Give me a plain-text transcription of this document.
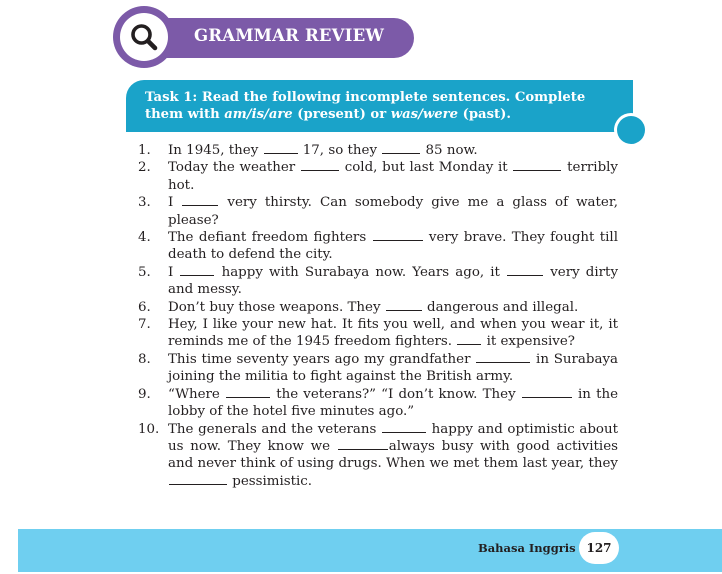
GRAMMAR REVIEW
Task 1: Read the following incomplete sentences. Complete them with am/is/are (present) or was/were (past).
1.	In 1945, they	17, so they	85 now.
2.	Today the weather	cold, but last Monday it	terribly hot.
3.	I	very thirsty. Can somebody give me a glass of water, please?
4.	The defiant freedom fighters	very brave. They fought till death to defend the city.
5.	I	happy with Surabaya now. Years ago, it	very dirty and messy.
6.	Don’t buy those weapons. They	dangerous and illegal.
7.	Hey, I like your new hat. It fits you well, and when you wear it, it reminds me of the 1945 freedom fighters.  it expensive?
8.	This time seventy years ago my grandfather	in Surabaya joining the militia to fight against the British army.
9.	“Where	the veterans?” “I don’t know. They	in the lobby of the hotel five minutes ago.”
10. The generals and the veterans	happy and optimistic about us now. They know we	always busy with good activities and never think of using drugs. When we met them last year, they  pessimistic.
Bahasa Inggris 127
